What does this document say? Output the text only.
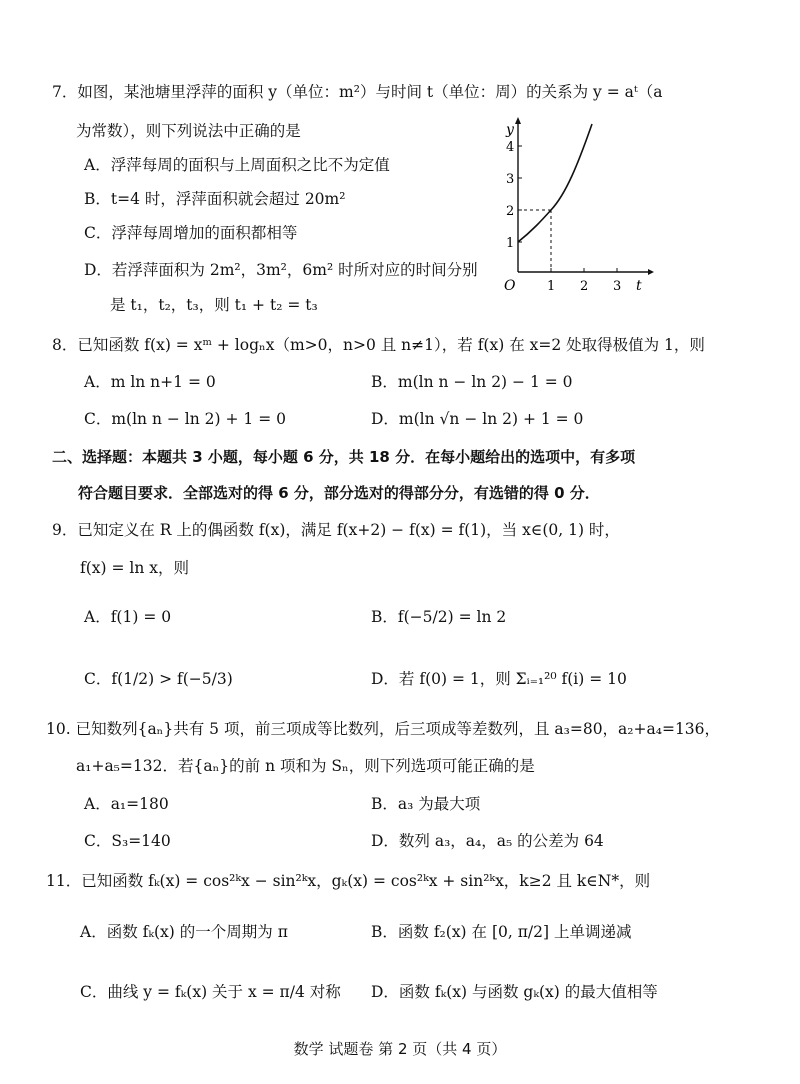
7．如图，某池塘里浮萍的面积 y（单位：m²）与时间 t（单位：周）的关系为 y = aᵗ（a
为常数），则下列说法中正确的是
A．浮萍每周的面积与上周面积之比不为定值
B．t=4 时，浮萍面积就会超过 20m²
C．浮萍每周增加的面积都相等
D．若浮萍面积为 2m²，3m²，6m² 时所对应的时间分别
是 t₁，t₂，t₃，则 t₁ + t₂ = t₃
y
t
O
1
2
3
4
1 2 3
8．已知函数 f(x) = xᵐ + logₙx（m>0，n>0 且 n≠1），若 f(x) 在 x=2 处取得极值为 1，则
A．m ln n+1 = 0	B．m(ln n − ln 2) − 1 = 0
C．m(ln n − ln 2) + 1 = 0	D．m(ln √n − ln 2) + 1 = 0
二、选择题：本题共 3 小题，每小题 6 分，共 18 分．在每小题给出的选项中，有多项
符合题目要求．全部选对的得 6 分，部分选对的得部分分，有选错的得 0 分．
9．已知定义在 R 上的偶函数 f(x)，满足 f(x+2) − f(x) = f(1)，当 x∈(0, 1) 时，
f(x) = ln x，则
A．f(1) = 0	B．f(−5/2) = ln 2
C．f(1/2) > f(−5/3)	D．若 f(0) = 1，则 Σᵢ₌₁²⁰ f(i) = 10
10. 已知数列{aₙ}共有 5 项，前三项成等比数列，后三项成等差数列，且 a₃=80，a₂+a₄=136，
a₁+a₅=132．若{aₙ}的前 n 项和为 Sₙ，则下列选项可能正确的是
A．a₁=180	B．a₃ 为最大项
C．S₃=140	D．数列 a₃，a₄，a₅ 的公差为 64
11．已知函数 fₖ(x) = cos²ᵏx − sin²ᵏx，gₖ(x) = cos²ᵏx + sin²ᵏx，k≥2 且 k∈N*，则
A．函数 fₖ(x) 的一个周期为 π	B．函数 f₂(x) 在 [0, π/2] 上单调递减
C．曲线 y = fₖ(x) 关于 x = π/4 对称 D．函数 fₖ(x) 与函数 gₖ(x) 的最大值相等
数学 试题卷 第 2 页（共 4 页）
